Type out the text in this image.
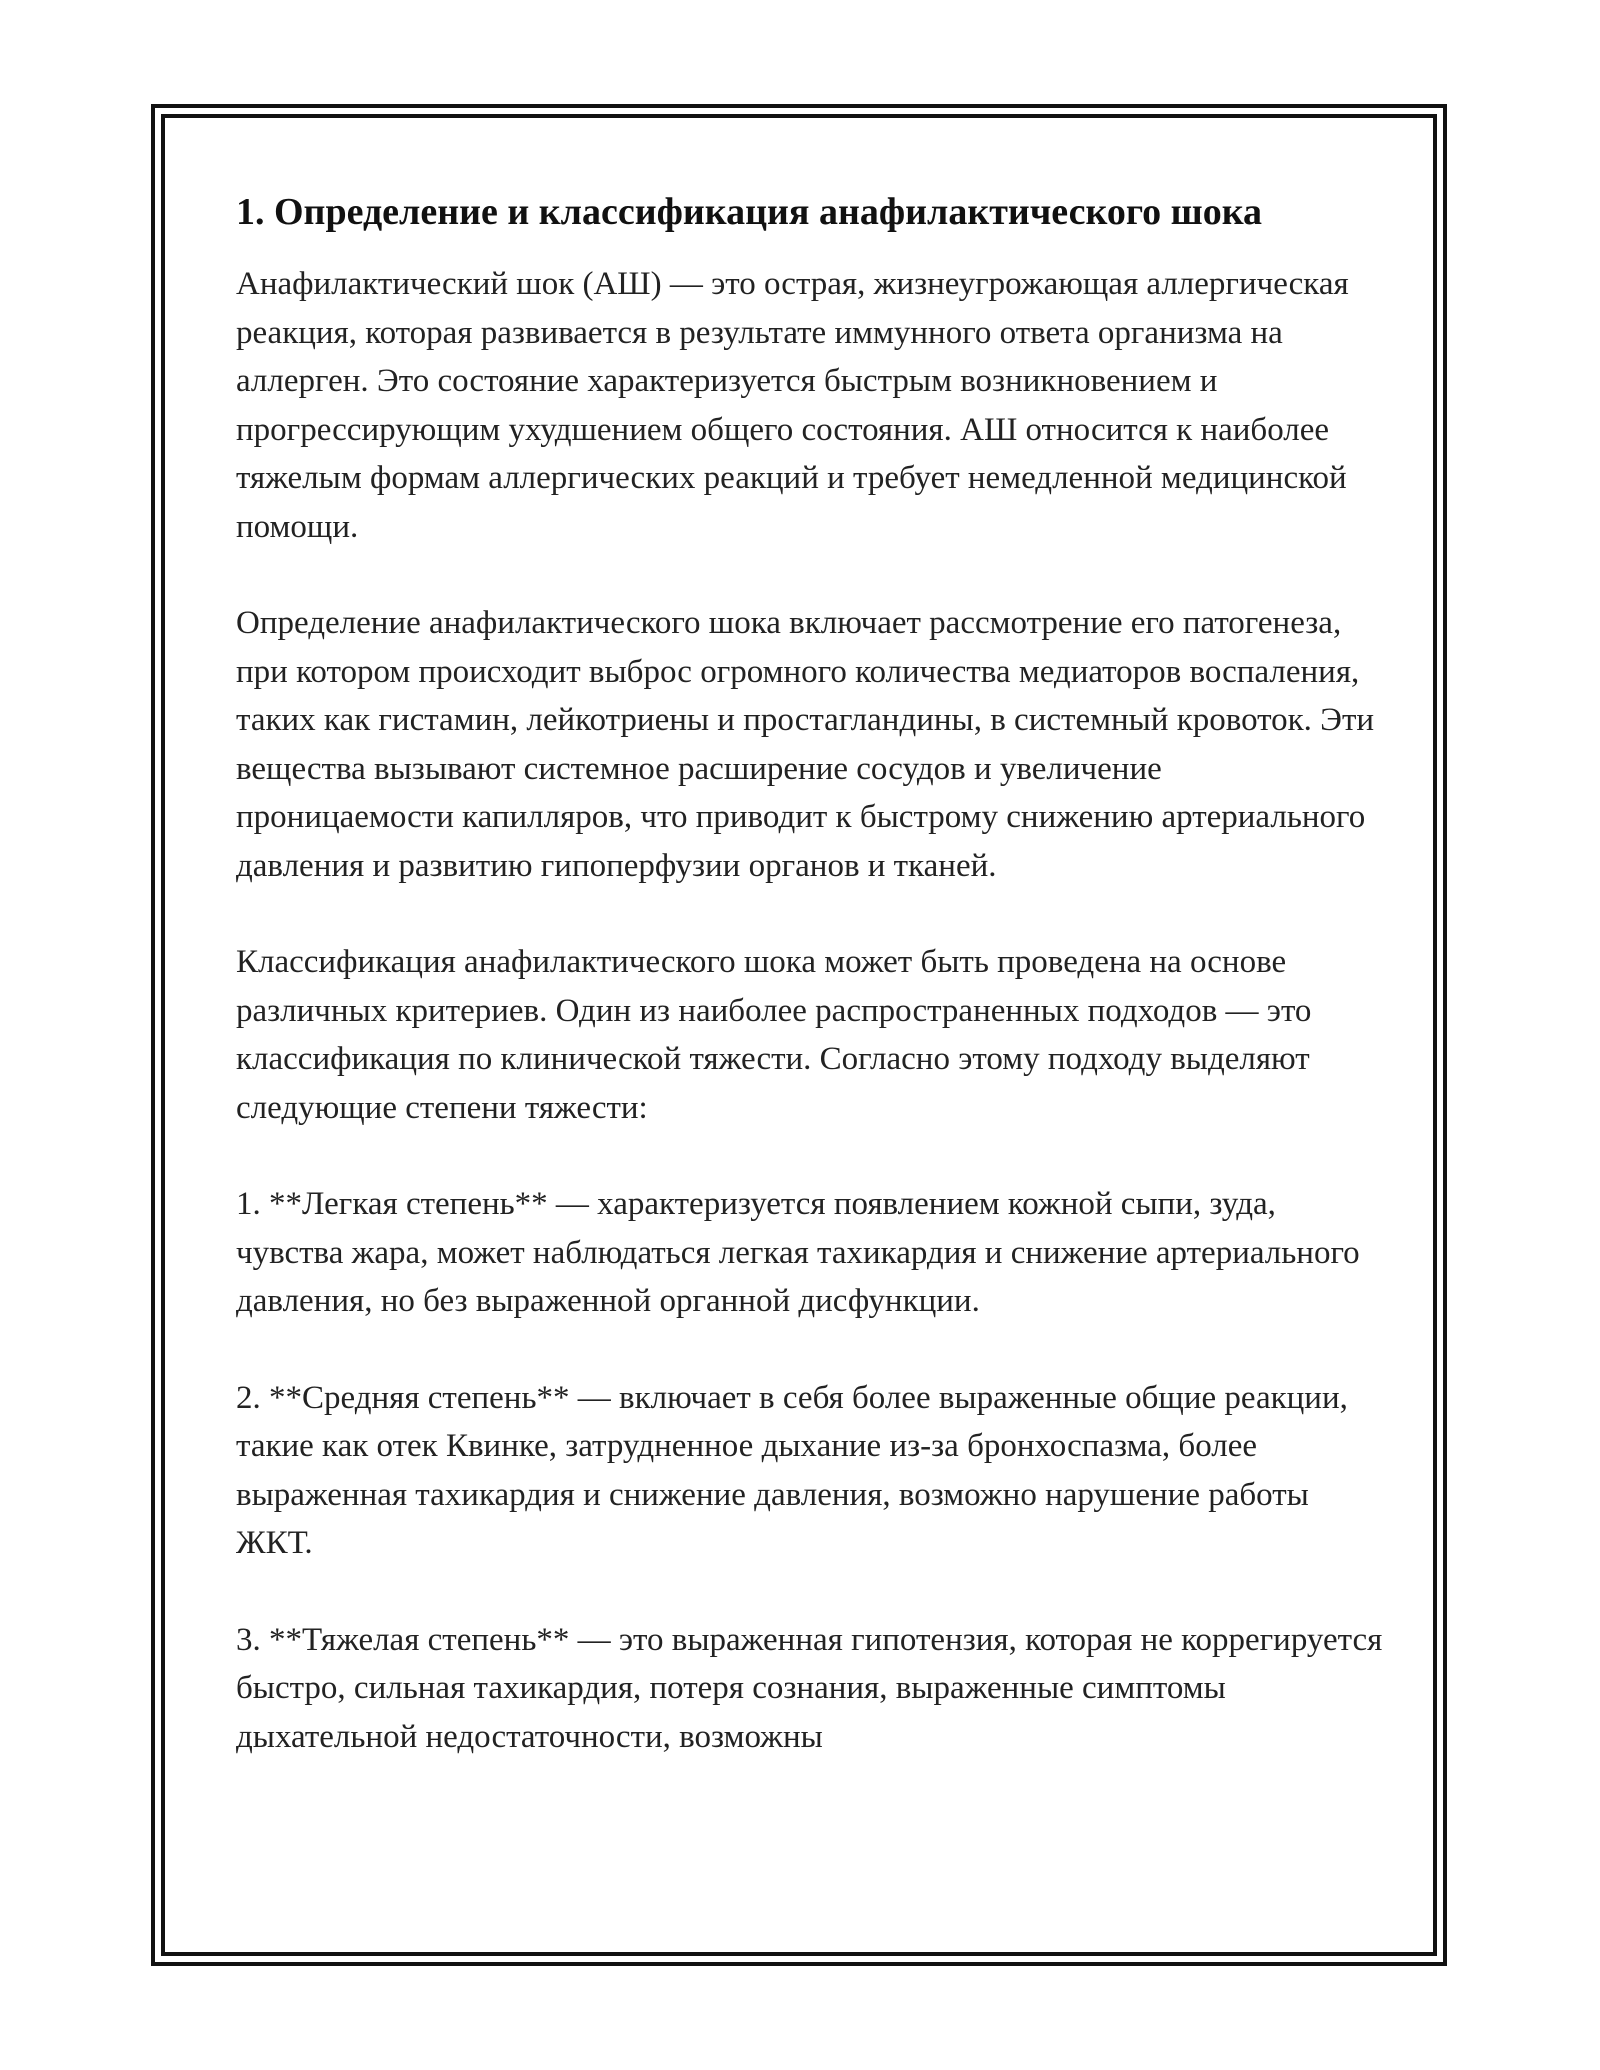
1. Определение и классификация анафилактического шока

Анафилактический шок (АШ) — это острая, жизнеугрожающая аллергическая реакция, которая развивается в результате иммунного ответа организма на аллерген. Это состояние характеризуется быстрым возникновением и прогрессирующим ухудшением общего состояния. АШ относится к наиболее тяжелым формам аллергических реакций и требует немедленной медицинской помощи.

Определение анафилактического шока включает рассмотрение его патогенеза, при котором происходит выброс огромного количества медиаторов воспаления, таких как гистамин, лейкотриены и простагландины, в системный кровоток. Эти вещества вызывают системное расширение сосудов и увеличение проницаемости капилляров, что приводит к быстрому снижению артериального давления и развитию гипоперфузии органов и тканей.

Классификация анафилактического шока может быть проведена на основе различных критериев. Один из наиболее распространенных подходов — это классификация по клинической тяжести. Согласно этому подходу выделяют следующие степени тяжести:

1. **Легкая степень** — характеризуется появлением кожной сыпи, зуда, чувства жара, может наблюдаться легкая тахикардия и снижение артериального давления, но без выраженной органной дисфункции.

2. **Средняя степень** — включает в себя более выраженные общие реакции, такие как отек Квинке, затрудненное дыхание из-за бронхоспазма, более выраженная тахикардия и снижение давления, возможно нарушение работы ЖКТ.

3. **Тяжелая степень** — это выраженная гипотензия, которая не коррегируется быстро, сильная тахикардия, потеря сознания, выраженные симптомы дыхательной недостаточности, возможны
